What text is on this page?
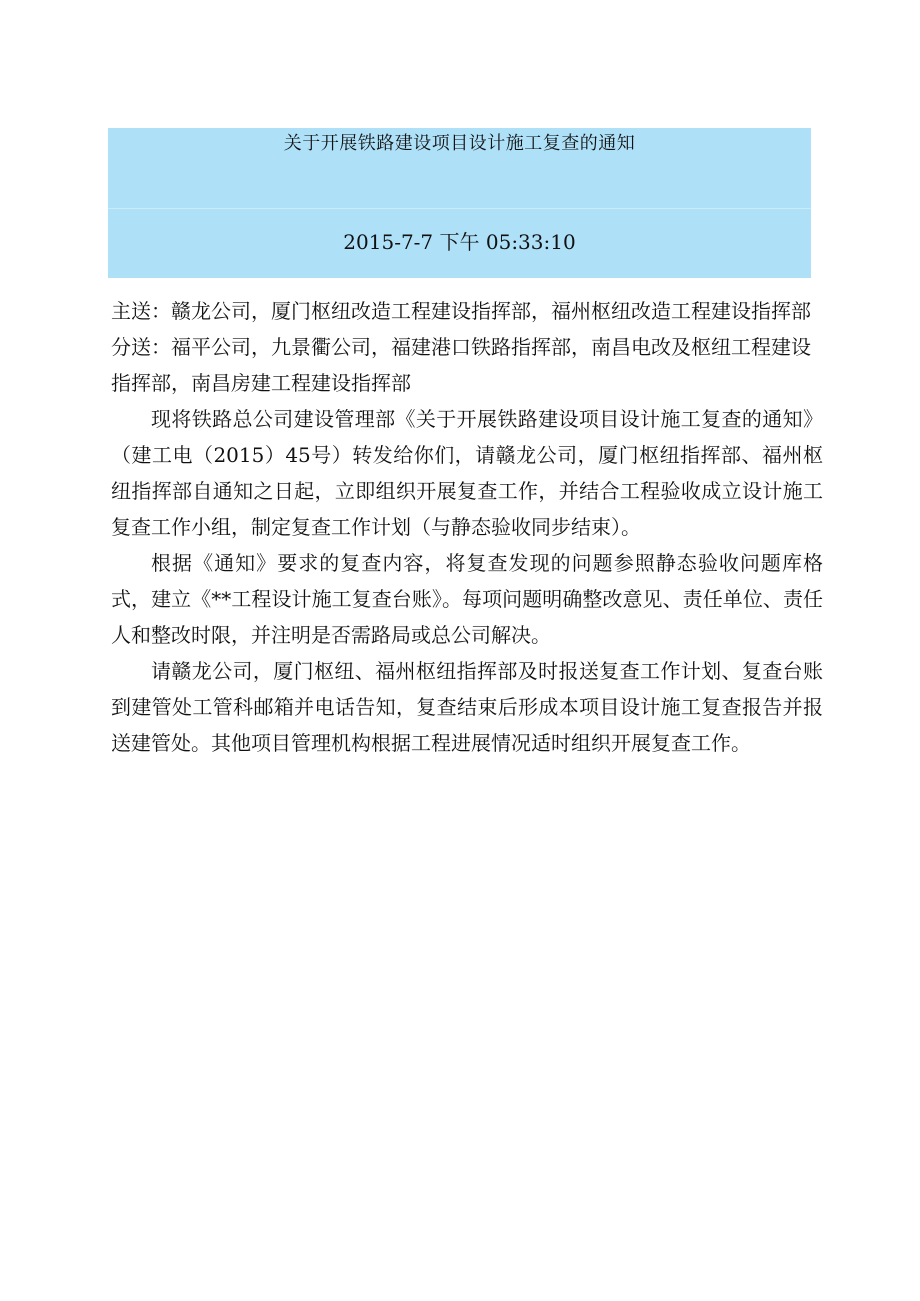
关于开展铁路建设项目设计施工复查的通知
2015-7-7 下午 05:33:10

主送：赣龙公司，厦门枢纽改造工程建设指挥部，福州枢纽改造工程建设指挥部

分送：福平公司，九景衢公司，福建港口铁路指挥部，南昌电改及枢纽工程建设指挥部，南昌房建工程建设指挥部

现将铁路总公司建设管理部《关于开展铁路建设项目设计施工复查的通知》（建工电（2015）45号）转发给你们，请赣龙公司，厦门枢纽指挥部、福州枢纽指挥部自通知之日起，立即组织开展复查工作，并结合工程验收成立设计施工复查工作小组，制定复查工作计划（与静态验收同步结束）。

根据《通知》要求的复查内容，将复查发现的问题参照静态验收问题库格式，建立《**工程设计施工复查台账》。每项问题明确整改意见、责任单位、责任人和整改时限，并注明是否需路局或总公司解决。

请赣龙公司，厦门枢纽、福州枢纽指挥部及时报送复查工作计划、复查台账到建管处工管科邮箱并电话告知，复查结束后形成本项目设计施工复查报告并报送建管处。其他项目管理机构根据工程进展情况适时组织开展复查工作。
